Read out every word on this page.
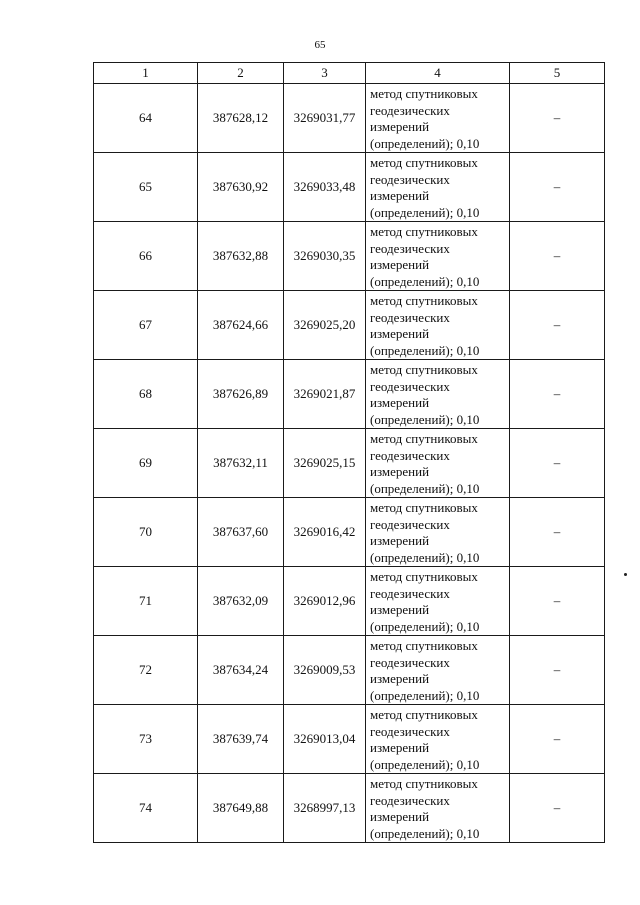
65
1	2	3	4	5
64	387628,12	3269031,77	метод спутниковых
геодезических
измерений
(определений); 0,10	–
65	387630,92	3269033,48	метод спутниковых
геодезических
измерений
(определений); 0,10	–
66	387632,88	3269030,35	метод спутниковых
геодезических
измерений
(определений); 0,10	–
67	387624,66	3269025,20	метод спутниковых
геодезических
измерений
(определений); 0,10	–
68	387626,89	3269021,87	метод спутниковых
геодезических
измерений
(определений); 0,10	–
69	387632,11	3269025,15	метод спутниковых
геодезических
измерений
(определений); 0,10	–
70	387637,60	3269016,42	метод спутниковых
геодезических
измерений
(определений); 0,10	–
71	387632,09	3269012,96	метод спутниковых
геодезических
измерений
(определений); 0,10	–
72	387634,24	3269009,53	метод спутниковых
геодезических
измерений
(определений); 0,10	–
73	387639,74	3269013,04	метод спутниковых
геодезических
измерений
(определений); 0,10	–
74	387649,88	3268997,13	метод спутниковых
геодезических
измерений
(определений); 0,10	–
